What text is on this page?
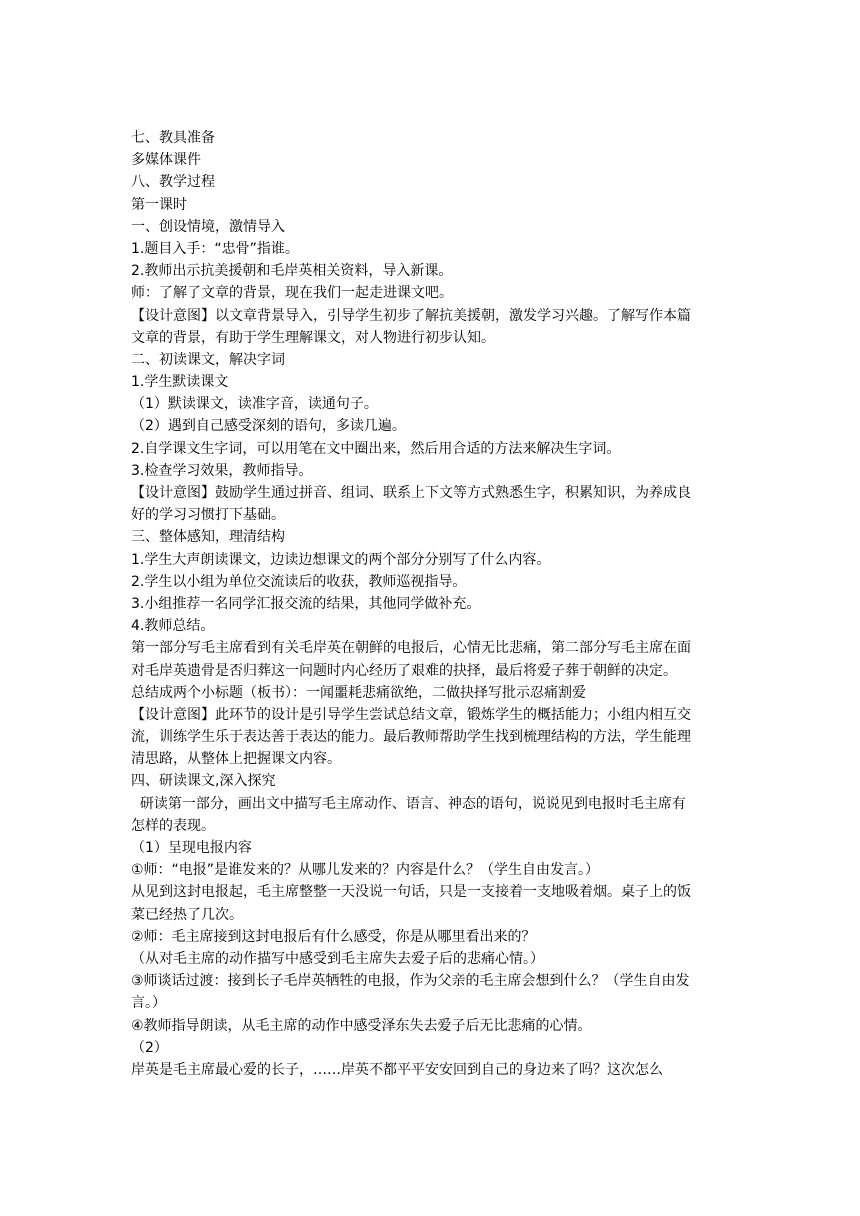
七、教具准备
多媒体课件
八、教学过程
第一课时
一、创设情境，激情导入
1.题目入手：“忠骨”指谁。
2.教师出示抗美援朝和毛岸英相关资料，导入新课。
师：了解了文章的背景，现在我们一起走进课文吧。
【设计意图】以文章背景导入，引导学生初步了解抗美援朝，激发学习兴趣。了解写作本篇
文章的背景，有助于学生理解课文，对人物进行初步认知。
二、初读课文，解决字词
1.学生默读课文
（1）默读课文，读准字音，读通句子。
（2）遇到自己感受深刻的语句，多读几遍。
2.自学课文生字词，可以用笔在文中圈出来，然后用合适的方法来解决生字词。
3.检查学习效果，教师指导。
【设计意图】鼓励学生通过拼音、组词、联系上下文等方式熟悉生字，积累知识，为养成良
好的学习习惯打下基础。
三、整体感知，理清结构
1.学生大声朗读课文，边读边想课文的两个部分分别写了什么内容。
2.学生以小组为单位交流读后的收获，教师巡视指导。
3.小组推荐一名同学汇报交流的结果，其他同学做补充。
4.教师总结。
第一部分写毛主席看到有关毛岸英在朝鲜的电报后，心情无比悲痛，第二部分写毛主席在面
对毛岸英遗骨是否归葬这一问题时内心经历了艰难的抉择，最后将爱子葬于朝鲜的决定。
总结成两个小标题（板书）：一闻噩耗悲痛欲绝，二做抉择写批示忍痛割爱
【设计意图】此环节的设计是引导学生尝试总结文章，锻炼学生的概括能力；小组内相互交
流，训练学生乐于表达善于表达的能力。最后教师帮助学生找到梳理结构的方法，学生能理
清思路，从整体上把握课文内容。
四、研读课文,深入探究
研读第一部分，画出文中描写毛主席动作、语言、神态的语句，说说见到电报时毛主席有
怎样的表现。
（1）呈现电报内容
①师：“电报”是谁发来的？从哪儿发来的？内容是什么？（学生自由发言。）
从见到这封电报起，毛主席整整一天没说一句话，只是一支接着一支地吸着烟。桌子上的饭
菜已经热了几次。
②师：毛主席接到这封电报后有什么感受，你是从哪里看出来的？
（从对毛主席的动作描写中感受到毛主席失去爱子后的悲痛心情。）
③师谈话过渡：接到长子毛岸英牺牲的电报，作为父亲的毛主席会想到什么？（学生自由发
言。）
④教师指导朗读，从毛主席的动作中感受泽东失去爱子后无比悲痛的心情。
（2）
岸英是毛主席最心爱的长子，……岸英不都平平安安回到自己的身边来了吗？这次怎么
